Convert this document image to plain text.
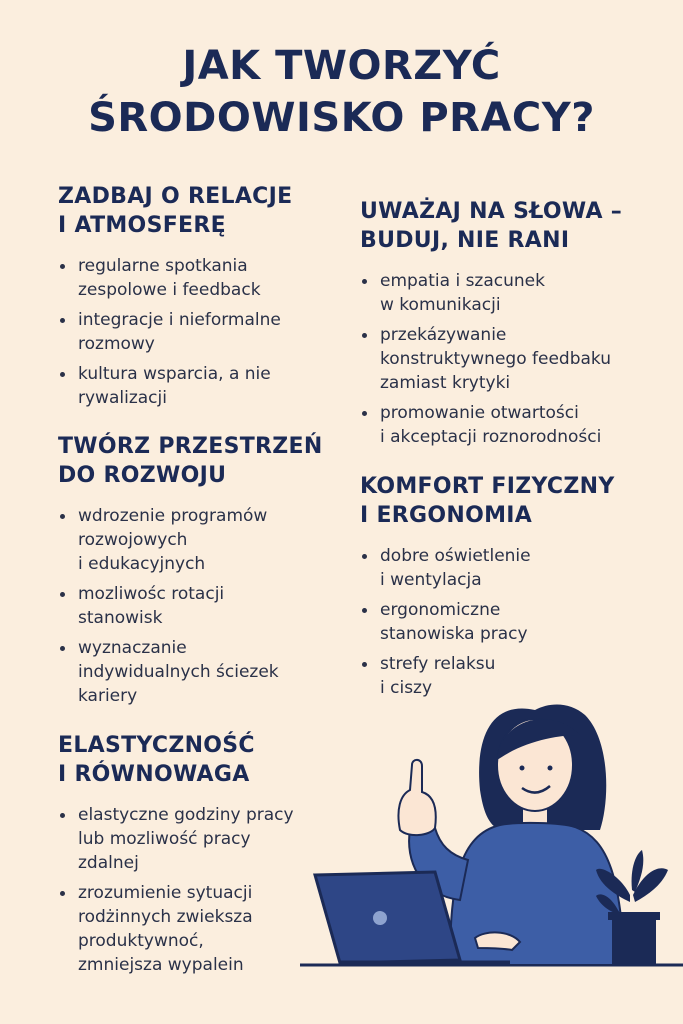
JAK TWORZYĆ
ŚRODOWISKO PRACY?
ZADBAJ O RELACJE
I ATMOSFERĘ
regularne spotkania
zespolowe i feedback
integracje i nieformalne
rozmowy
kultura wsparcia, a nie
rywalizacji
TWÓRZ PRZESTRZEŃ
DO ROZWOJU
wdrozenie programów
rozwojowych
i edukacyjnych
mozliwośc rotacji
stanowisk
wyznaczanie
indywidualnych ściezek
kariery
ELASTYCZNOŚĆ
I RÓWNOWAGA
elastyczne godziny pracy
lub mozliwość pracy
zdalnej
zrozumienie sytuacji
rodżinnych zwieksza
produktywnoć,
zmniejsza wypalein
UWAŻAJ NA SŁOWA –
BUDUJ, NIE RANI
empatia i szacunek
w komunikacji
przekázywanie
konstruktywnego feedbaku
zamiast krytyki
promowanie otwartości
i akceptacji roznorodności
KOMFORT FIZYCZNY
I ERGONOMIA
dobre oświetlenie
i wentylacja
ergonomiczne
stanowiska pracy
strefy relaksu
i ciszy
